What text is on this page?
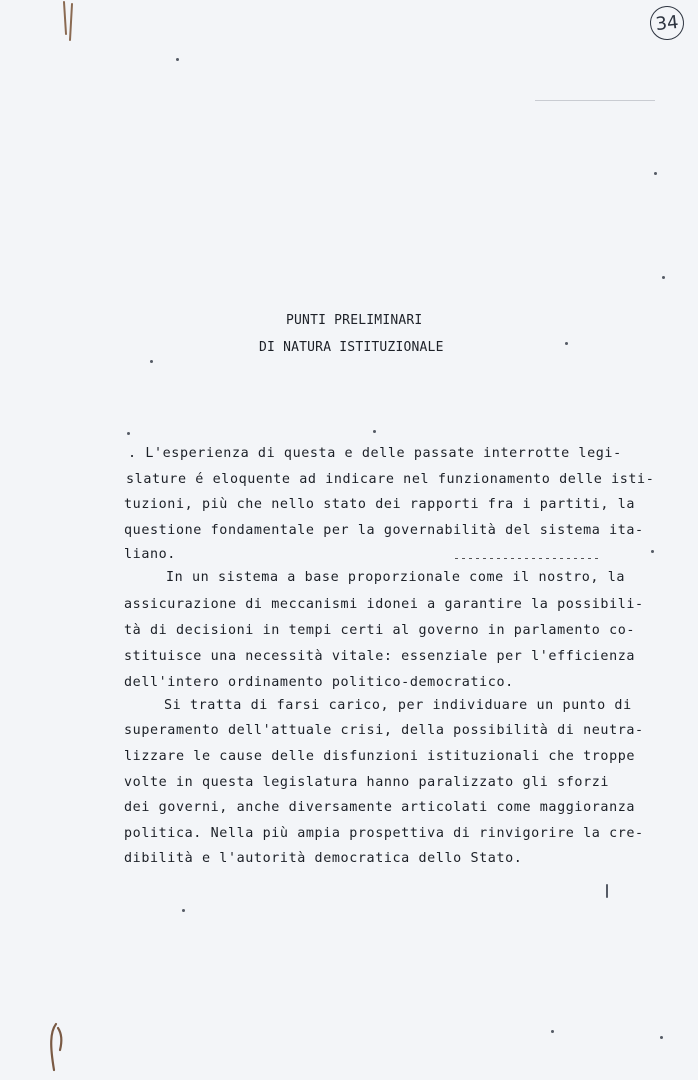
34
PUNTI PRELIMINARI
DI NATURA ISTITUZIONALE
. L'esperienza di questa e delle passate interrotte legi-
slature é eloquente ad indicare nel funzionamento delle isti-
tuzioni, più che nello stato dei rapporti fra i partiti, la
questione fondamentale per la governabilità del sistema ita-
liano.
In un sistema a base proporzionale come il nostro, la
assicurazione di meccanismi idonei a garantire la possibili-
tà di decisioni in tempi certi al governo in parlamento co-
stituisce una necessità vitale: essenziale per l'efficienza
dell'intero ordinamento politico-democratico.
Si tratta di farsi carico, per individuare un punto di
superamento dell'attuale crisi, della possibilità di neutra-
lizzare le cause delle disfunzioni istituzionali che troppe
volte in questa legislatura hanno paralizzato gli sforzi
dei governi, anche diversamente articolati come maggioranza
politica. Nella più ampia prospettiva di rinvigorire la cre-
dibilità e l'autorità democratica dello Stato.
